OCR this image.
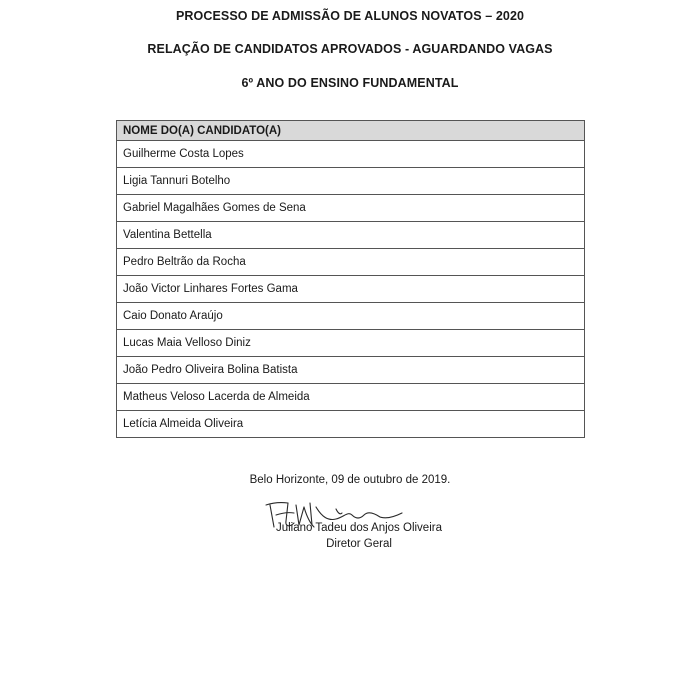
PROCESSO DE ADMISSÃO DE ALUNOS NOVATOS – 2020
RELAÇÃO DE CANDIDATOS APROVADOS - AGUARDANDO VAGAS
6º ANO DO ENSINO FUNDAMENTAL
NOME DO(A) CANDIDATO(A)
Guilherme Costa Lopes
Ligia Tannuri Botelho
Gabriel Magalhães Gomes de Sena
Valentina Bettella
Pedro Beltrão da Rocha
João Victor Linhares Fortes Gama
Caio Donato Araújo
Lucas Maia Velloso Diniz
João Pedro Oliveira Bolina Batista
Matheus Veloso Lacerda de Almeida
Letícia Almeida Oliveira
Belo Horizonte, 09 de outubro de 2019.
Juliano Tadeu dos Anjos Oliveira
Diretor Geral
